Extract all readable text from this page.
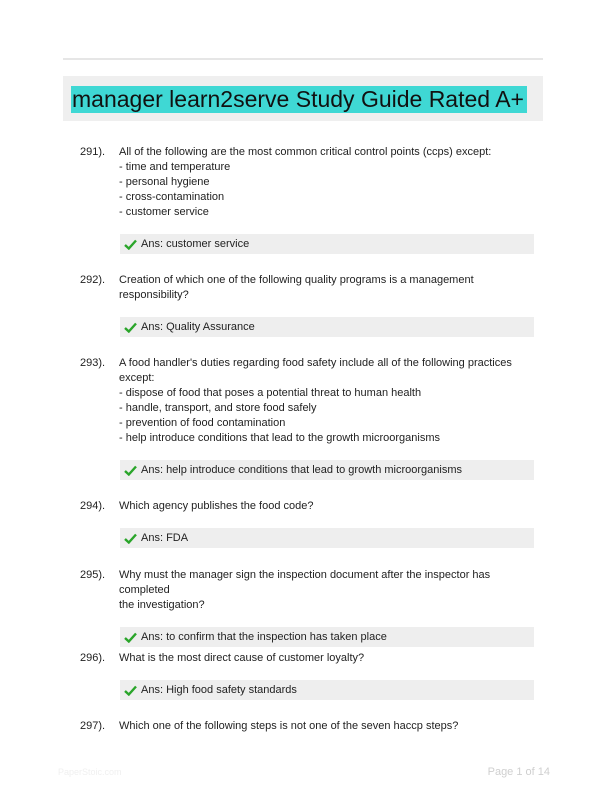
manager learn2serve Study Guide Rated A+
291). All of the following are the most common critical control points (ccps) except:
- time and temperature
- personal hygiene
- cross-contamination
- customer service
Ans: customer service
292). Creation of which one of the following quality programs is a management
responsibility?
Ans: Quality Assurance
293). A food handler's duties regarding food safety include all of the following practices
except:
- dispose of food that poses a potential threat to human health
- handle, transport, and store food safely
- prevention of food contamination
- help introduce conditions that lead to the growth microorganisms
Ans: help introduce conditions that lead to growth microorganisms
294). Which agency publishes the food code?
Ans: FDA
295). Why must the manager sign the inspection document after the inspector has completed
the investigation?
Ans: to confirm that the inspection has taken place
296). What is the most direct cause of customer loyalty?
Ans: High food safety standards
297). Which one of the following steps is not one of the seven haccp steps?
PaperStoic.com	Page 1 of 14
